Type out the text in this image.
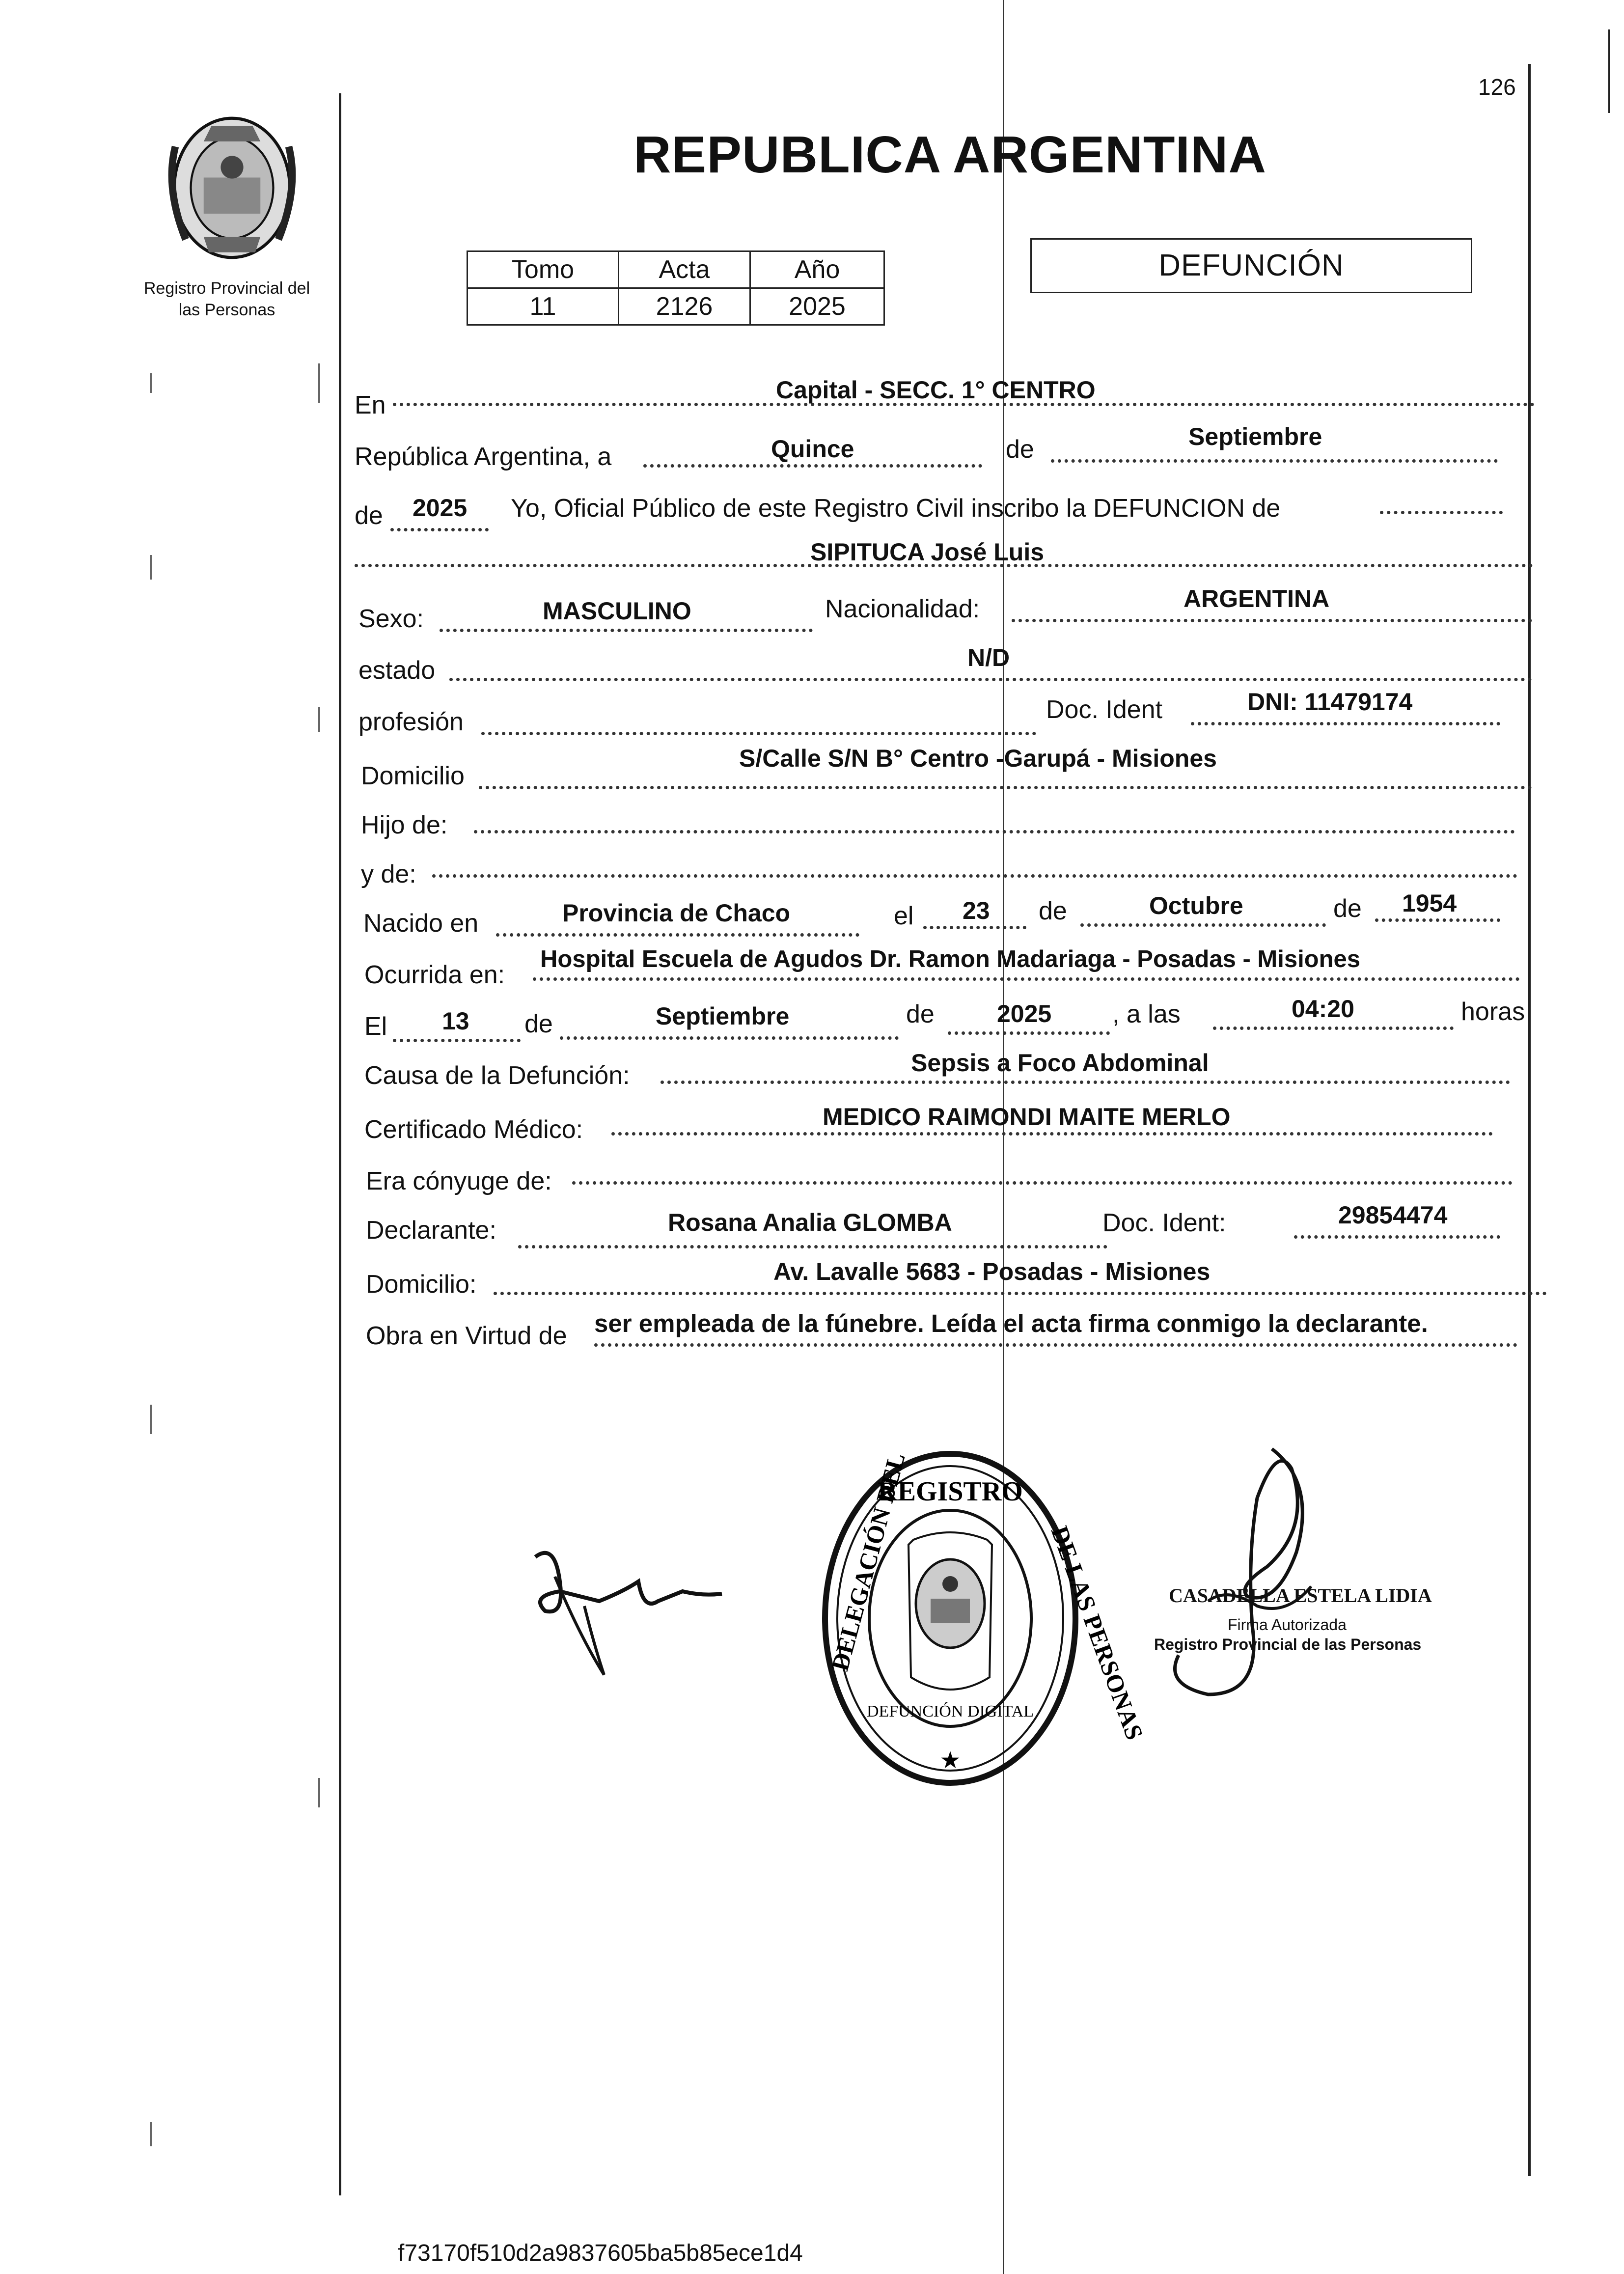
126
Registro Provincial del
las Personas
REPUBLICA ARGENTINA
Tomo	Acta	Año
11	2126	2025
DEFUNCIÓN
En
Capital - SECC. 1° CENTRO
República Argentina, a	Quince	de	Septiembre
de 2025 Yo, Oficial Público de este Registro Civil inscribo la DEFUNCION de
SIPITUCA José Luis
Sexo:	MASCULINO	Nacionalidad:	ARGENTINA
estado	N/D
profesión	Doc. Ident	DNI: 11479174
Domicilio
S/Calle S/N B° Centro -Garupá - Misiones
Hijo de:
y de:
Nacido en	Provincia de Chaco	el 23 de	Octubre	de 1954
Ocurrida en:
Hospital Escuela de Agudos Dr. Ramon Madariaga - Posadas - Misiones
El 13 de	Septiembre	de	2025 , a las	04:20	horas
Causa de la Defunción:	Sepsis a Foco Abdominal
Certificado Médico:	MEDICO RAIMONDI MAITE MERLO
Era cónyuge de:
Declarante:	Rosana Analia GLOMBA	Doc. Ident:	29854474
Domicilio:	Av. Lavalle 5683 - Posadas - Misiones
Obra en Virtud de ser empleada de la fúnebre. Leída el acta firma conmigo la declarante.
REGISTRO
DELEGACIÓN DEL	DE LAS PERSONAS
DEFUNCIÓN DIGITAL
★
CASADELLA ESTELA LIDIA
Firma Autorizada
Registro Provincial de las Personas
f73170f510d2a9837605ba5b85ece1d4
